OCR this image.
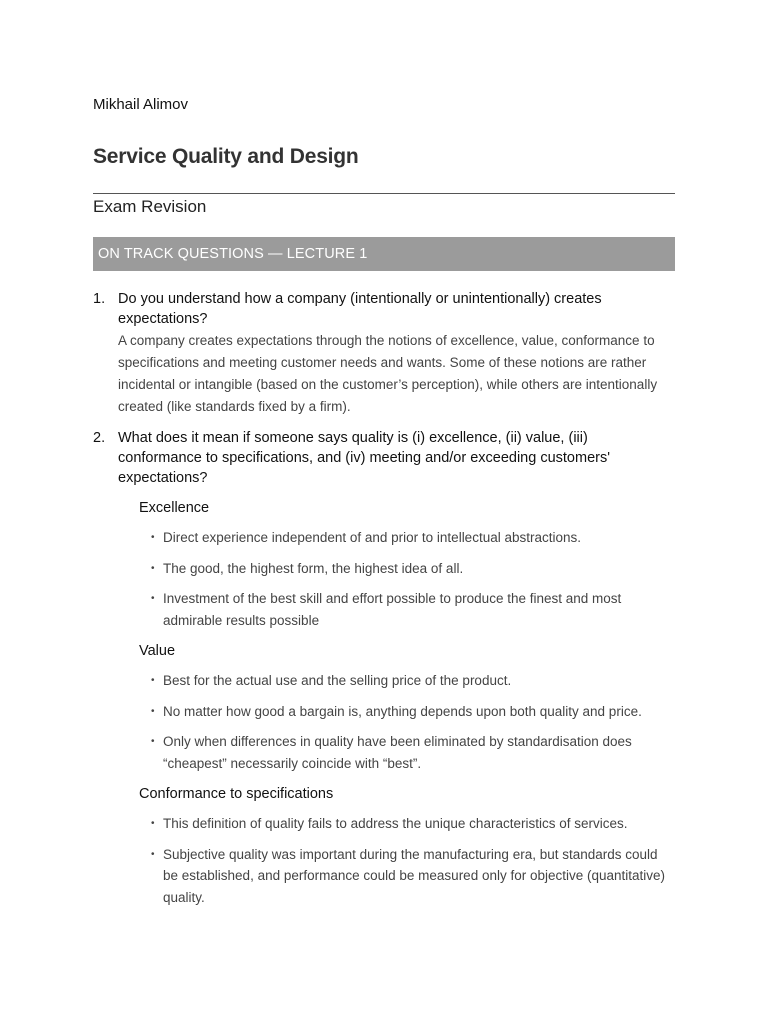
Mikhail Alimov
Service Quality and Design
Exam Revision
ON TRACK QUESTIONS — LECTURE 1
1. Do you understand how a company (intentionally or unintentionally) creates expectations?
A company creates expectations through the notions of excellence, value, conformance to specifications and meeting customer needs and wants. Some of these notions are rather incidental or intangible (based on the customer’s perception), while others are intentionally created (like standards fixed by a firm).
2. What does it mean if someone says quality is (i) excellence, (ii) value, (iii) conformance to specifications, and (iv) meeting and/or exceeding customers' expectations?
Excellence
• Direct experience independent of and prior to intellectual abstractions.
• The good, the highest form, the highest idea of all.
• Investment of the best skill and effort possible to produce the finest and most admirable results possible
Value
• Best for the actual use and the selling price of the product.
• No matter how good a bargain is, anything depends upon both quality and price.
• Only when differences in quality have been eliminated by standardisation does “cheapest” necessarily coincide with “best”.
Conformance to specifications
• This definition of quality fails to address the unique characteristics of services.
• Subjective quality was important during the manufacturing era, but standards could be established, and performance could be measured only for objective (quantitative) quality.
